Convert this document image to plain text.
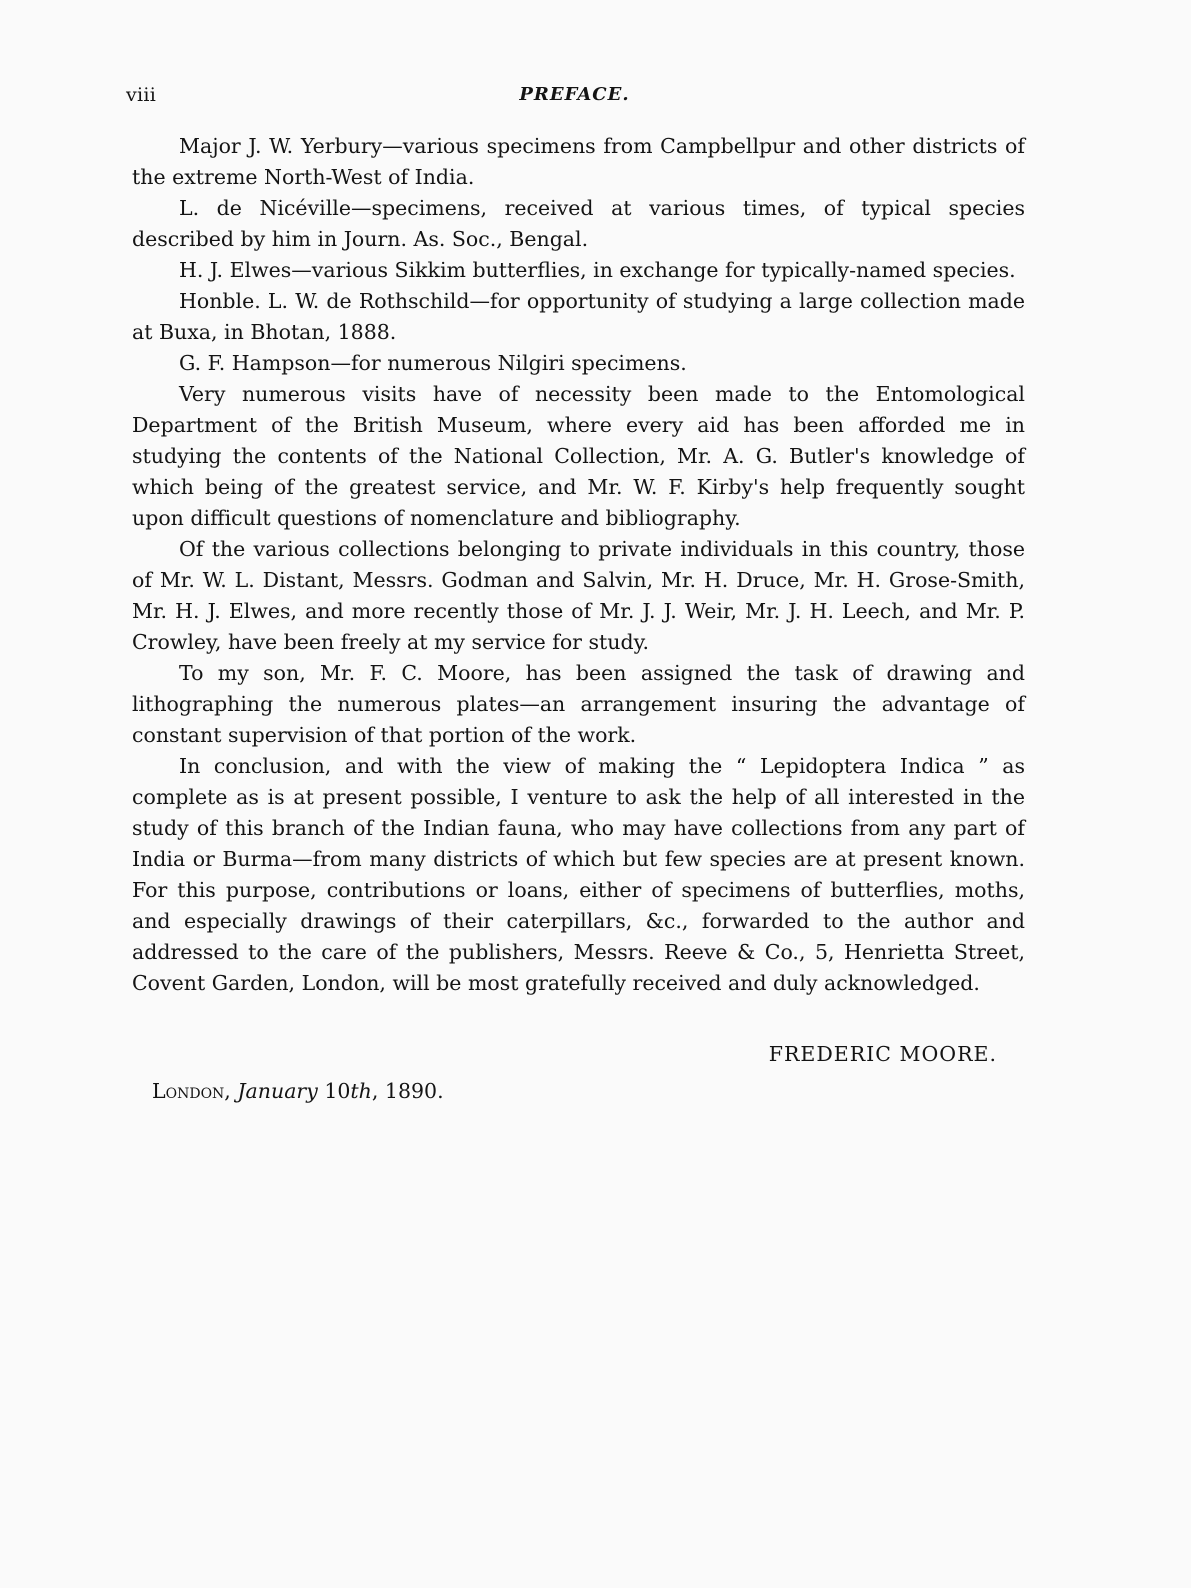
viii	PREFACE.

Major J. W. Yerbury—various specimens from Campbellpur and other districts of the extreme North-West of India.

L. de Nicéville—specimens, received at various times, of typical species described by him in Journ. As. Soc., Bengal.

H. J. Elwes—various Sikkim butterflies, in exchange for typically-named species.

Honble. L. W. de Rothschild—for opportunity of studying a large collection made at Buxa, in Bhotan, 1888.

G. F. Hampson—for numerous Nilgiri specimens.

Very numerous visits have of necessity been made to the Entomological Department of the British Museum, where every aid has been afforded me in studying the contents of the National Collection, Mr. A. G. Butler's knowledge of which being of the greatest service, and Mr. W. F. Kirby's help frequently sought upon difficult questions of nomenclature and bibliography.

Of the various collections belonging to private individuals in this country, those of Mr. W. L. Distant, Messrs. Godman and Salvin, Mr. H. Druce, Mr. H. Grose-Smith, Mr. H. J. Elwes, and more recently those of Mr. J. J. Weir, Mr. J. H. Leech, and Mr. P. Crowley, have been freely at my service for study.

To my son, Mr. F. C. Moore, has been assigned the task of drawing and lithographing the numerous plates—an arrangement insuring the advantage of constant supervision of that portion of the work.

In conclusion, and with the view of making the “ Lepidoptera Indica ” as complete as is at present possible, I venture to ask the help of all interested in the study of this branch of the Indian fauna, who may have collections from any part of India or Burma—from many districts of which but few species are at present known. For this purpose, contributions or loans, either of specimens of butterflies, moths, and especially drawings of their caterpillars, &c., forwarded to the author and addressed to the care of the publishers, Messrs. Reeve & Co., 5, Henrietta Street, Covent Garden, London, will be most gratefully received and duly acknowledged.

FREDERIC MOORE.
London, January 10th, 1890.
